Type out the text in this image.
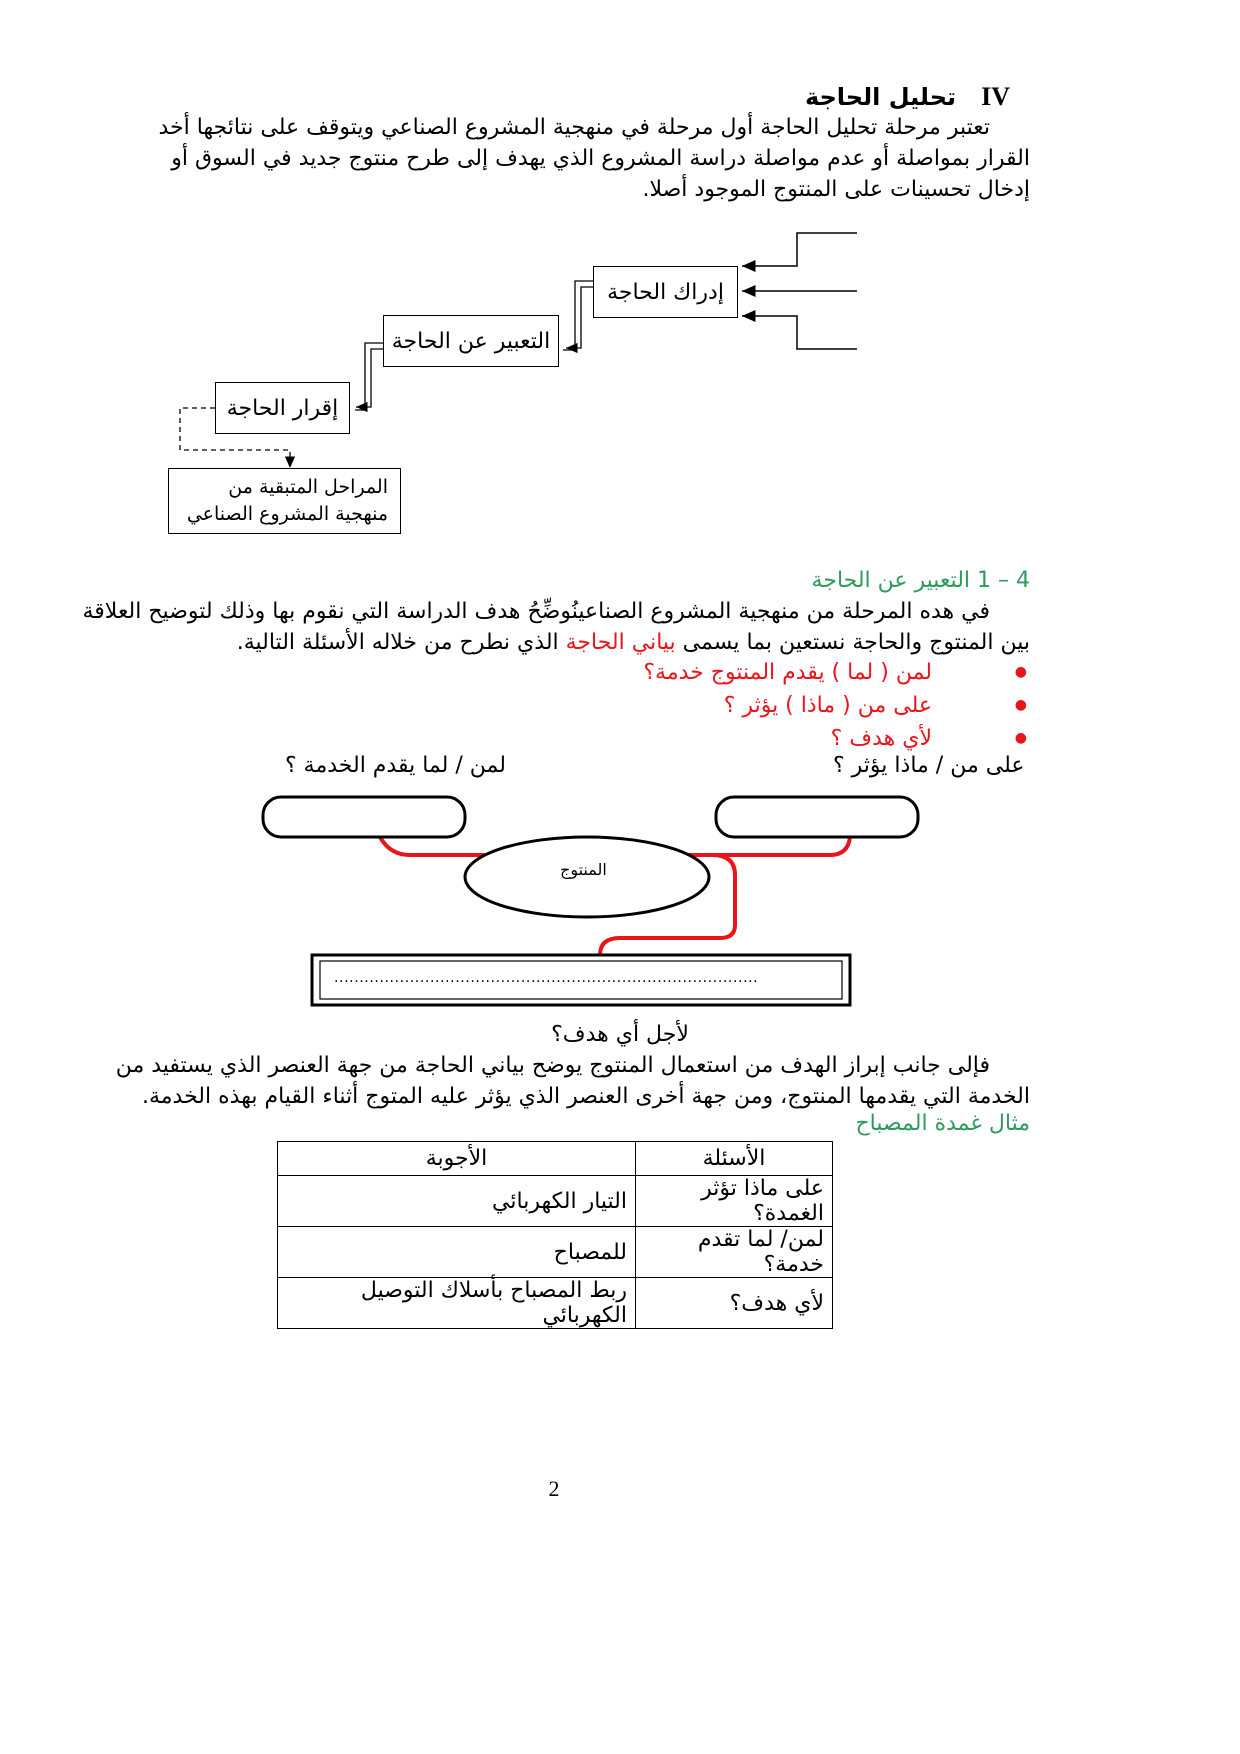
IV   تحليل الحاجة
تعتبر مرحلة تحليل الحاجة أول مرحلة في منهجية المشروع الصناعي ويتوقف على نتائجها أخد القرار بمواصلة أو عدم مواصلة دراسة المشروع الذي يهدف إلى طرح منتوج جديد في السوق أو إدخال تحسينات على المنتوج الموجود أصلا.
إدراك الحاجة
التعبير عن الحاجة
إقرار الحاجة
المراحل المتبقية من
منهجية المشروع الصناعي
4 – 1 التعبير عن الحاجة
في هده المرحلة من منهجية المشروع الصناعينُوضِّحُ هدف الدراسة التي نقوم بها وذلك لتوضيح العلاقة بين المنتوج والحاجة نستعين بما يسمى بياني الحاجة الذي نطرح من خلاله الأسئلة التالية.
● لمن ( لما ) يقدم المنتوج خدمة؟
● على من ( ماذا ) يؤثر ؟
● لأي هدف ؟
لمن / لما يقدم الخدمة ؟	على من / ماذا يؤثر ؟
المنتوج
....................................................................................
لأجل أي هدف؟
فإلى جانب إبراز الهدف من استعمال المنتوج يوضح بياني الحاجة من جهة العنصر الذي يستفيد من الخدمة التي يقدمها المنتوج، ومن جهة أخرى العنصر الذي يؤثر عليه المتوج أثناء القيام بهذه الخدمة.
مثال غمدة المصباح
الأسئلة	الأجوبة
على ماذا تؤثر الغمدة؟	التيار الكهربائي
لمن/ لما تقدم خدمة؟	للمصباح
لأي هدف؟	ربط المصباح بأسلاك التوصيل الكهربائي
2
